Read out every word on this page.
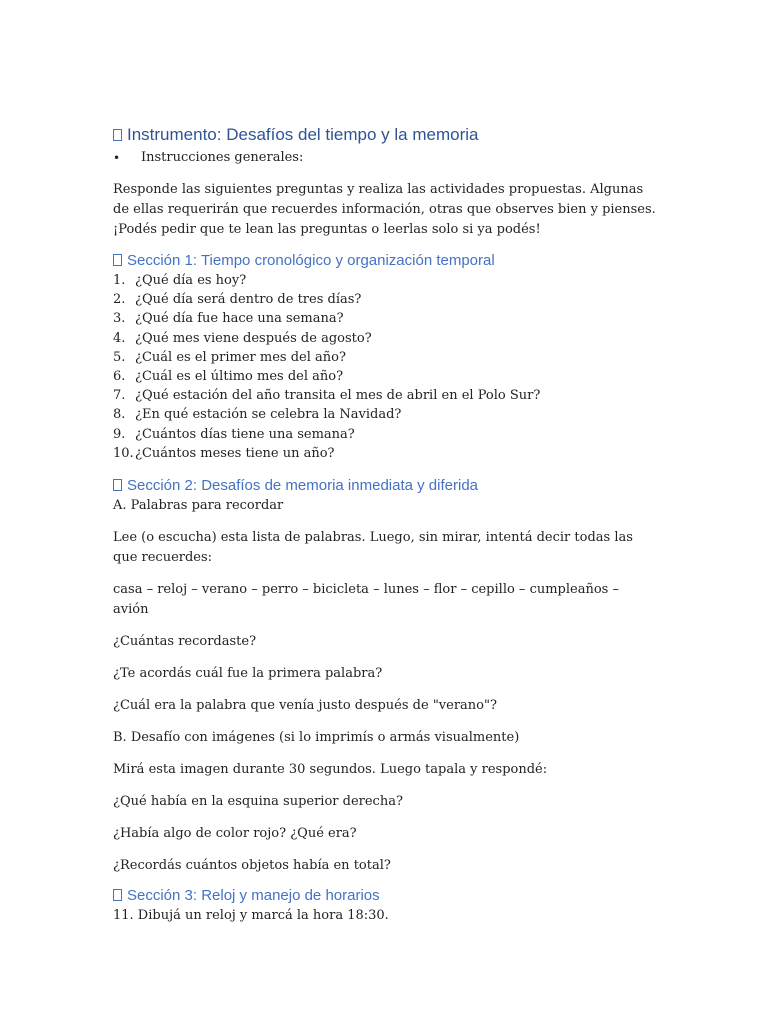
Instrumento: Desafíos del tiempo y la memoria
•	Instrucciones generales:

Responde las siguientes preguntas y realiza las actividades propuestas. Algunas de ellas requerirán que recuerdes información, otras que observes bien y pienses. ¡Podés pedir que te lean las preguntas o leerlas solo si ya podés!

Sección 1: Tiempo cronológico y organización temporal
1. ¿Qué día es hoy?
2. ¿Qué día será dentro de tres días?
3. ¿Qué día fue hace una semana?
4. ¿Qué mes viene después de agosto?
5. ¿Cuál es el primer mes del año?
6. ¿Cuál es el último mes del año?
7. ¿Qué estación del año transita el mes de abril en el Polo Sur?
8. ¿En qué estación se celebra la Navidad?
9. ¿Cuántos días tiene una semana?
10. ¿Cuántos meses tiene un año?
Sección 2: Desafíos de memoria inmediata y diferida

A. Palabras para recordar

Lee (o escucha) esta lista de palabras. Luego, sin mirar, intentá decir todas las que recuerdes:

casa – reloj – verano – perro – bicicleta – lunes – flor – cepillo – cumpleaños – avión

¿Cuántas recordaste?

¿Te acordás cuál fue la primera palabra?

¿Cuál era la palabra que venía justo después de "verano"?

B. Desafío con imágenes (si lo imprimís o armás visualmente)

Mirá esta imagen durante 30 segundos. Luego tapala y respondé:

¿Qué había en la esquina superior derecha?

¿Había algo de color rojo? ¿Qué era?

¿Recordás cuántos objetos había en total?

Sección 3: Reloj y manejo de horarios

11. Dibujá un reloj y marcá la hora 18:30.
